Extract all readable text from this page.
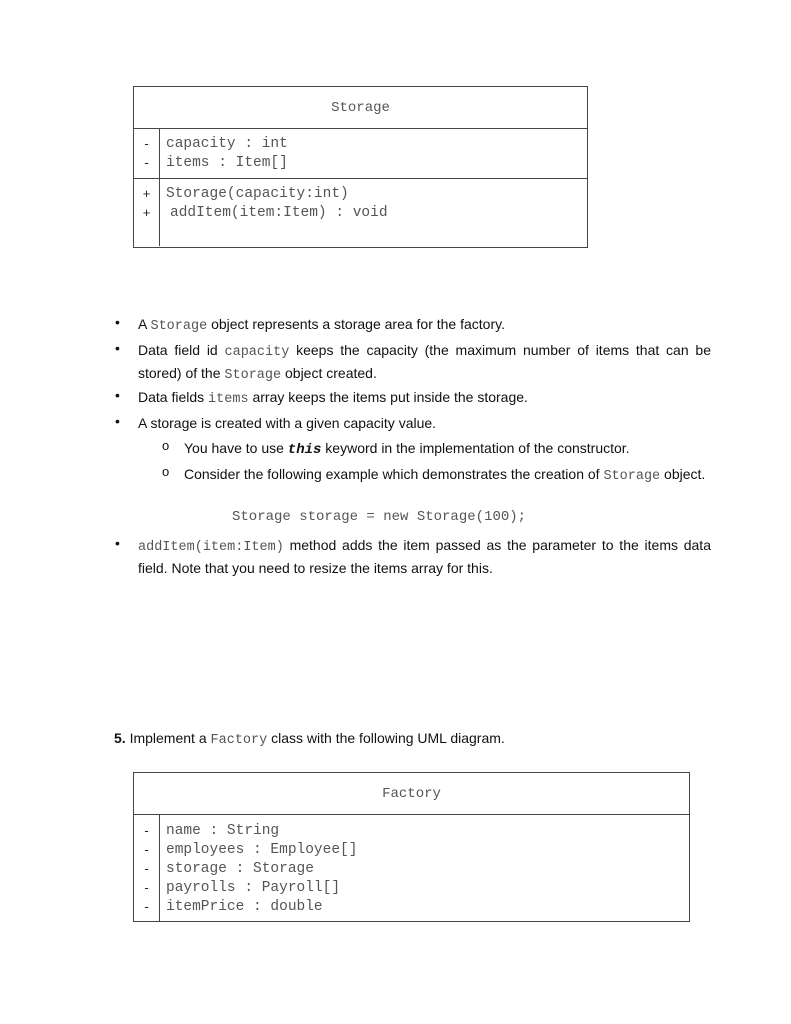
Storage
-	capacity : int
-	items : Item[]
+	Storage(capacity:int)
+	addItem(item:Item) : void
• A Storage object represents a storage area for the factory.
• Data field id capacity keeps the capacity (the maximum number of items that can be stored) of the Storage object created.
• Data fields items array keeps the items put inside the storage.
• A storage is created with a given capacity value.
o You have to use this keyword in the implementation of the constructor.
o Consider the following example which demonstrates the creation of Storage object.
Storage storage = new Storage(100);
• addItem(item:Item) method adds the item passed as the parameter to the items data field. Note that you need to resize the items array for this.
5. Implement a Factory class with the following UML diagram.
Factory
-	name : String
-	employees : Employee[]
-	storage : Storage
-	payrolls : Payroll[]
-	itemPrice : double
